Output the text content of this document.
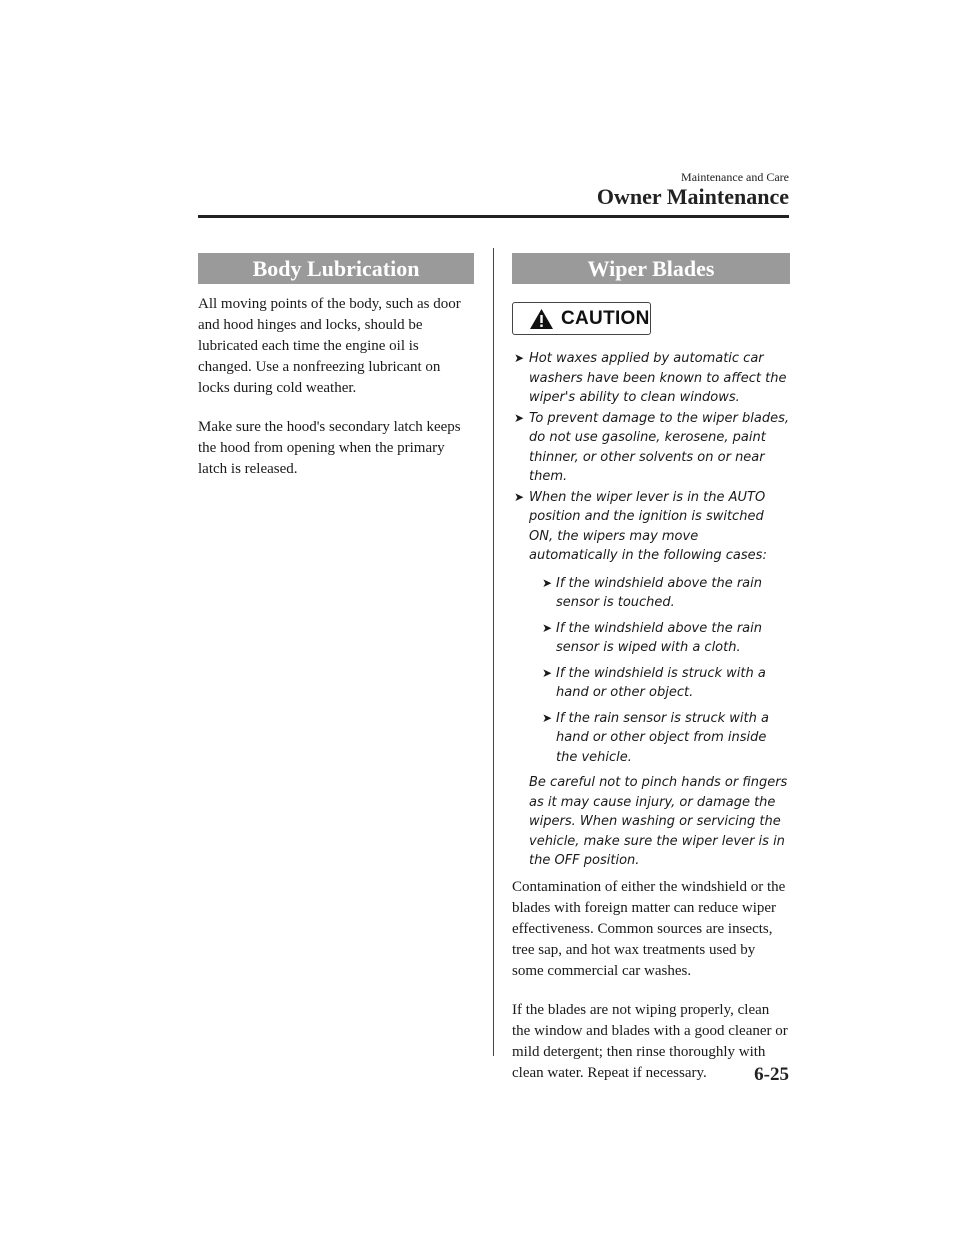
Maintenance and Care
Owner Maintenance
Body Lubrication

All moving points of the body, such as door and hood hinges and locks, should be lubricated each time the engine oil is changed. Use a nonfreezing lubricant on locks during cold weather.

Make sure the hood's secondary latch keeps the hood from opening when the primary latch is released.

Wiper Blades
CAUTION
➤ Hot waxes applied by automatic car washers have been known to affect the wiper's ability to clean windows.
➤ To prevent damage to the wiper blades, do not use gasoline, kerosene, paint thinner, or other solvents on or near them.
➤ When the wiper lever is in the AUTO position and the ignition is switched ON, the wipers may move automatically in the following cases:
➤ If the windshield above the rain sensor is touched.
➤ If the windshield above the rain sensor is wiped with a cloth.
➤ If the windshield is struck with a hand or other object.
➤ If the rain sensor is struck with a hand or other object from inside the vehicle.

Be careful not to pinch hands or fingers as it may cause injury, or damage the wipers. When washing or servicing the vehicle, make sure the wiper lever is in the OFF position.

Contamination of either the windshield or the blades with foreign matter can reduce wiper effectiveness. Common sources are insects, tree sap, and hot wax treatments used by some commercial car washes.

If the blades are not wiping properly, clean the window and blades with a good cleaner or mild detergent; then rinse thoroughly with clean water. Repeat if necessary.	6-25
